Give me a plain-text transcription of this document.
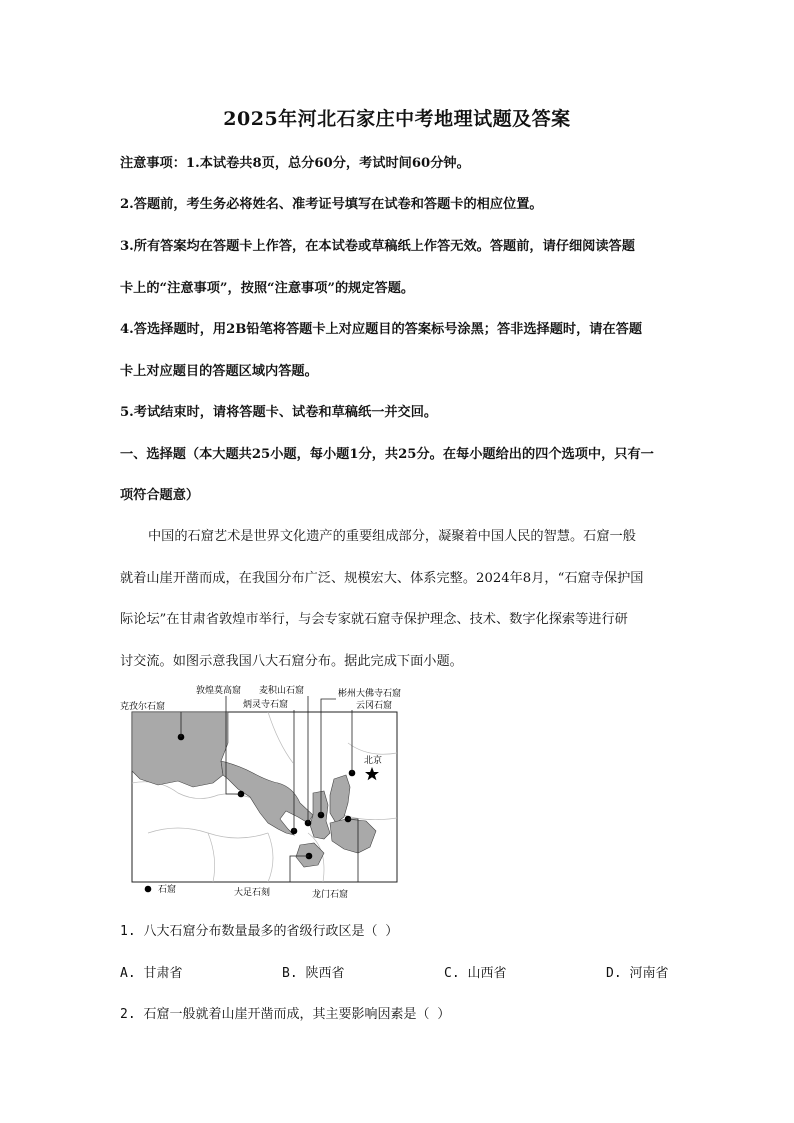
2025年河北石家庄中考地理试题及答案
注意事项：1.本试卷共8页，总分60分，考试时间60分钟。
2.答题前，考生务必将姓名、准考证号填写在试卷和答题卡的相应位置。
3.所有答案均在答题卡上作答，在本试卷或草稿纸上作答无效。答题前，请仔细阅读答题
卡上的“注意事项”，按照“注意事项”的规定答题。
4.答选择题时，用2B铅笔将答题卡上对应题目的答案标号涂黑；答非选择题时，请在答题
卡上对应题目的答题区域内答题。
5.考试结束时，请将答题卡、试卷和草稿纸一并交回。
一、选择题（本大题共25小题，每小题1分，共25分。在每小题给出的四个选项中，只有一
项符合题意）
中国的石窟艺术是世界文化遗产的重要组成部分，凝聚着中国人民的智慧。石窟一般
就着山崖开凿而成，在我国分布广泛、规模宏大、体系完整。2024年8月，“石窟寺保护国
际论坛”在甘肃省敦煌市举行，与会专家就石窟寺保护理念、技术、数字化探索等进行研
讨交流。如图示意我国八大石窟分布。据此完成下面小题。
克孜尔石窟
敦煌莫高窟 麦积山石窟
炳灵寺石窟
彬州大佛寺石窟
云冈石窟
北京
大足石刻	龙门石窟
石窟
1. 八大石窟分布数量最多的省级行政区是（ ）
A. 甘肃省	B. 陕西省	C. 山西省	D. 河南省
2. 石窟一般就着山崖开凿而成，其主要影响因素是（ ）
